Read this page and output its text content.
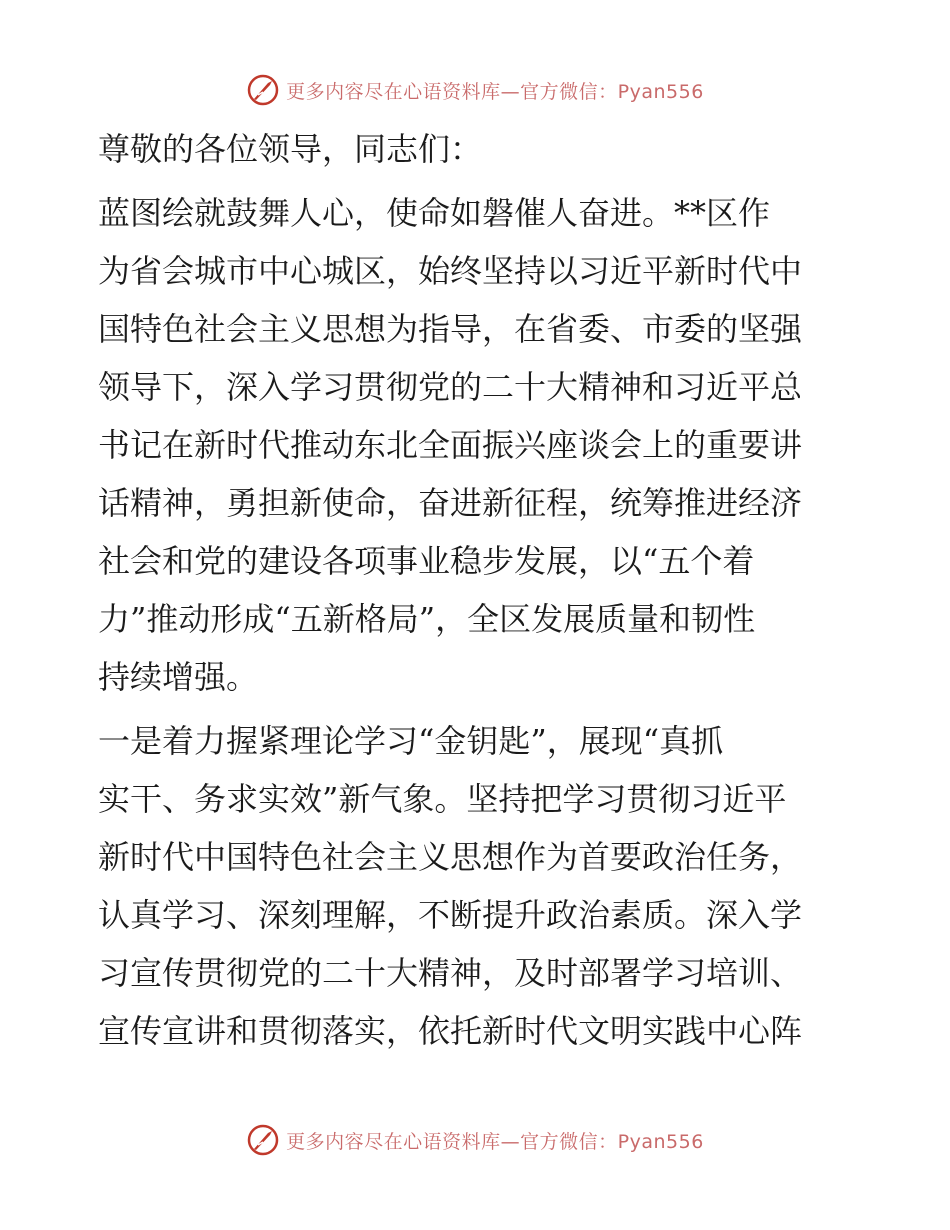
更多内容尽在心语资料库—官方微信：Pyan556
尊敬的各位领导，同志们：
蓝图绘就鼓舞人心，使命如磐催人奋进。**区作
为省会城市中心城区，始终坚持以习近平新时代中
国特色社会主义思想为指导，在省委、市委的坚强
领导下，深入学习贯彻党的二十大精神和习近平总
书记在新时代推动东北全面振兴座谈会上的重要讲
话精神，勇担新使命，奋进新征程，统筹推进经济
社会和党的建设各项事业稳步发展，以“五个着
力”推动形成“五新格局”，全区发展质量和韧性
持续增强。
一是着力握紧理论学习“金钥匙”，展现“真抓
实干、务求实效”新气象。坚持把学习贯彻习近平
新时代中国特色社会主义思想作为首要政治任务，
认真学习、深刻理解，不断提升政治素质。深入学
习宣传贯彻党的二十大精神，及时部署学习培训、
宣传宣讲和贯彻落实，依托新时代文明实践中心阵
更多内容尽在心语资料库—官方微信：Pyan556
